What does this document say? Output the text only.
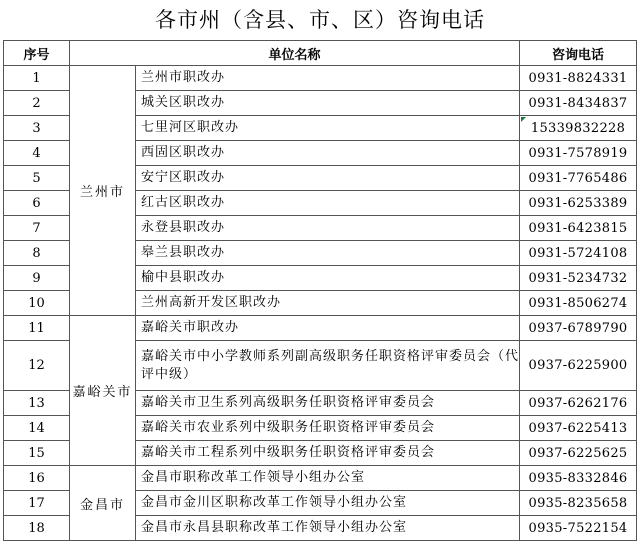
各市州（含县、市、区）咨询电话
序号	单位名称		咨询电话
1	兰州市	兰州市职改办	0931-8824331
2		城关区职改办	0931-8434837
3		七里河区职改办	15339832228

4		西固区职改办	0931-7578919
5		安宁区职改办	0931-7765486
6		红古区职改办	0931-6253389
7		永登县职改办	0931-6423815
8		皋兰县职改办	0931-5724108
9		榆中县职改办	0931-5234732
10		兰州高新开发区职改办	0931-8506274
11	嘉峪关市	嘉峪关市职改办	0937-6789790
12		嘉峪关市中小学教师系列副高级职务任职资格评审委员会（代评中级）	0937-6225900
13		嘉峪关市卫生系列高级职务任职资格评审委员会	0937-6262176
14		嘉峪关市农业系列中级职务任职资格评审委员会	0937-6225413
15		嘉峪关市工程系列中级职务任职资格评审委员会	0937-6225625
16	金昌市	金昌市职称改革工作领导小组办公室	0935-8332846
17		金昌市金川区职称改革工作领导小组办公室	0935-8235658
18		金昌市永昌县职称改革工作领导小组办公室	0935-7522154
